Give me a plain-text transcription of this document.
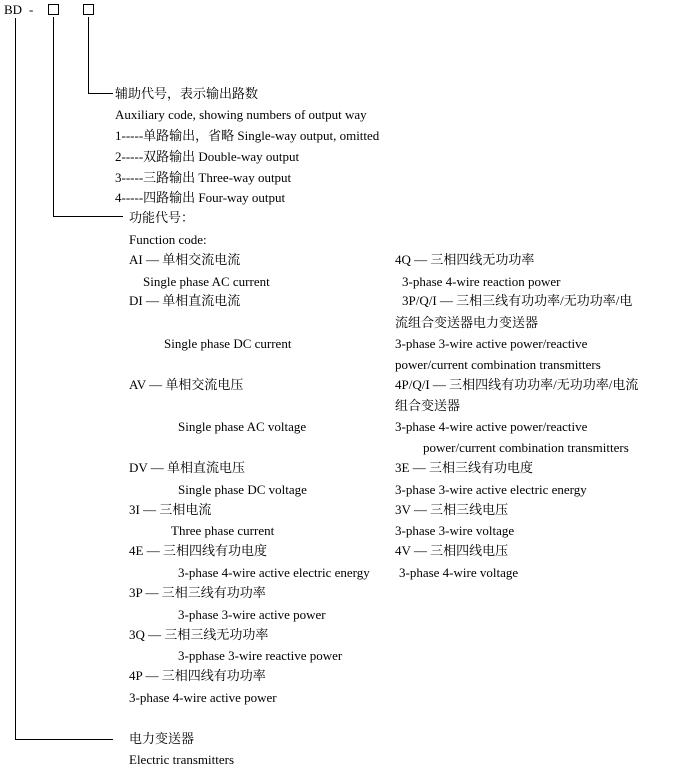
BD -
辅助代号，表示输出路数
Auxiliary code, showing numbers of output way
1-----单路输出，省略 Single-way output, omitted
2-----双路输出 Double-way output
3-----三路输出 Three-way output
4-----四路输出 Four-way output
功能代号：
Function code:
AI — 单相交流电流
Single phase AC current
DI — 单相直流电流
Single phase DC current
AV — 单相交流电压
Single phase AC voltage
DV — 单相直流电压
Single phase DC voltage
3I — 三相电流
Three phase current
4E — 三相四线有功电度
3-phase 4-wire active electric energy
3P — 三相三线有功功率
3-phase 3-wire active power
3Q — 三相三线无功功率
3-pphase 3-wire reactive power
4P — 三相四线有功功率
3-phase 4-wire active power
4Q — 三相四线无功功率
3-phase 4-wire reaction power
3P/Q/I — 三相三线有功功率/无功功率/电
流组合变送器电力变送器
3-phase 3-wire active power/reactive
power/current combination transmitters
4P/Q/I — 三相四线有功功率/无功功率/电流
组合变送器
3-phase 4-wire active power/reactive
power/current combination transmitters
3E — 三相三线有功电度
3-phase 3-wire active electric energy
3V — 三相三线电压
3-phase 3-wire voltage
4V — 三相四线电压
3-phase 4-wire voltage
电力变送器
Electric transmitters
